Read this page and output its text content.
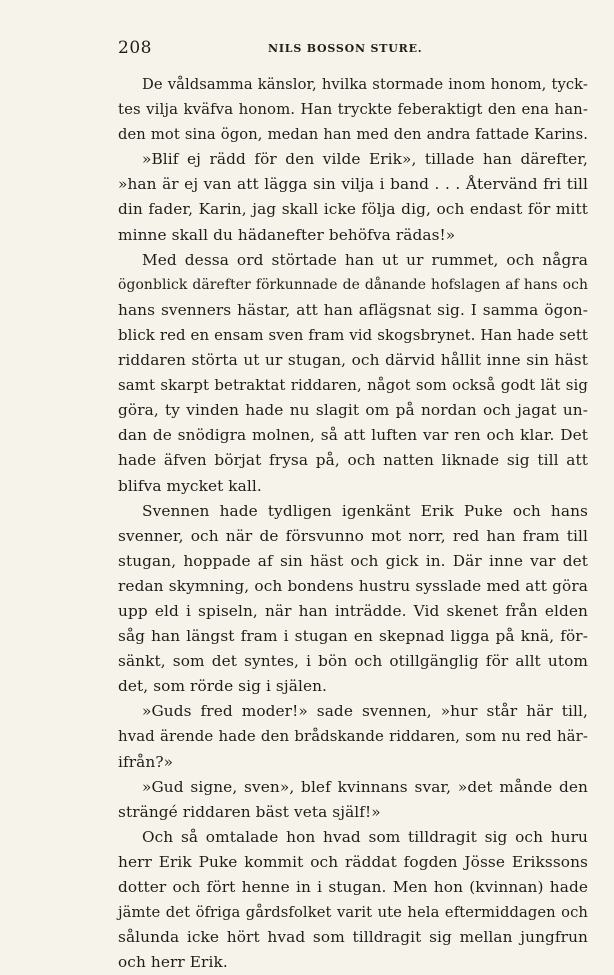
208	NILS BOSSON STURE.
De våldsamma känslor, hvilka stormade inom honom, tyck-
tes vilja kväfva honom. Han tryckte feberaktigt den ena han-
den mot sina ögon, medan han med den andra fattade Karins.
»Blif ej rädd för den vilde Erik», tillade han därefter,
»han är ej van att lägga sin vilja i band . . . Återvänd fri till
din fader, Karin, jag skall icke följa dig, och endast för mitt
minne skall du hädanefter behöfva rädas!»
Med dessa ord störtade han ut ur rummet, och några
ögonblick därefter förkunnade de dånande hofslagen af hans och
hans svenners hästar, att han aflägsnat sig. I samma ögon-
blick red en ensam sven fram vid skogsbrynet. Han hade sett
riddaren störta ut ur stugan, och därvid hållit inne sin häst
samt skarpt betraktat riddaren, något som också godt lät sig
göra, ty vinden hade nu slagit om på nordan och jagat un-
dan de snödigra molnen, så att luften var ren och klar. Det
hade äfven börjat frysa på, och natten liknade sig till att
blifva mycket kall.
Svennen hade tydligen igenkänt Erik Puke och hans
svenner, och när de försvunno mot norr, red han fram till
stugan, hoppade af sin häst och gick in. Där inne var det
redan skymning, och bondens hustru sysslade med att göra
upp eld i spiseln, när han inträdde. Vid skenet från elden
såg han längst fram i stugan en skepnad ligga på knä, för-
sänkt, som det syntes, i bön och otillgänglig för allt utom
det, som rörde sig i själen.
»Guds fred moder!» sade svennen, »hur står här till,
hvad ärende hade den brådskande riddaren, som nu red här-
ifrån?»
»Gud signe, sven», blef kvinnans svar, »det månde den
strängé riddaren bäst veta själf!»
Och så omtalade hon hvad som tilldragit sig och huru
herr Erik Puke kommit och räddat fogden Jösse Erikssons
dotter och fört henne in i stugan. Men hon (kvinnan) hade
jämte det öfriga gårdsfolket varit ute hela eftermiddagen och
sålunda icke hört hvad som tilldragit sig mellan jungfrun
och herr Erik.
